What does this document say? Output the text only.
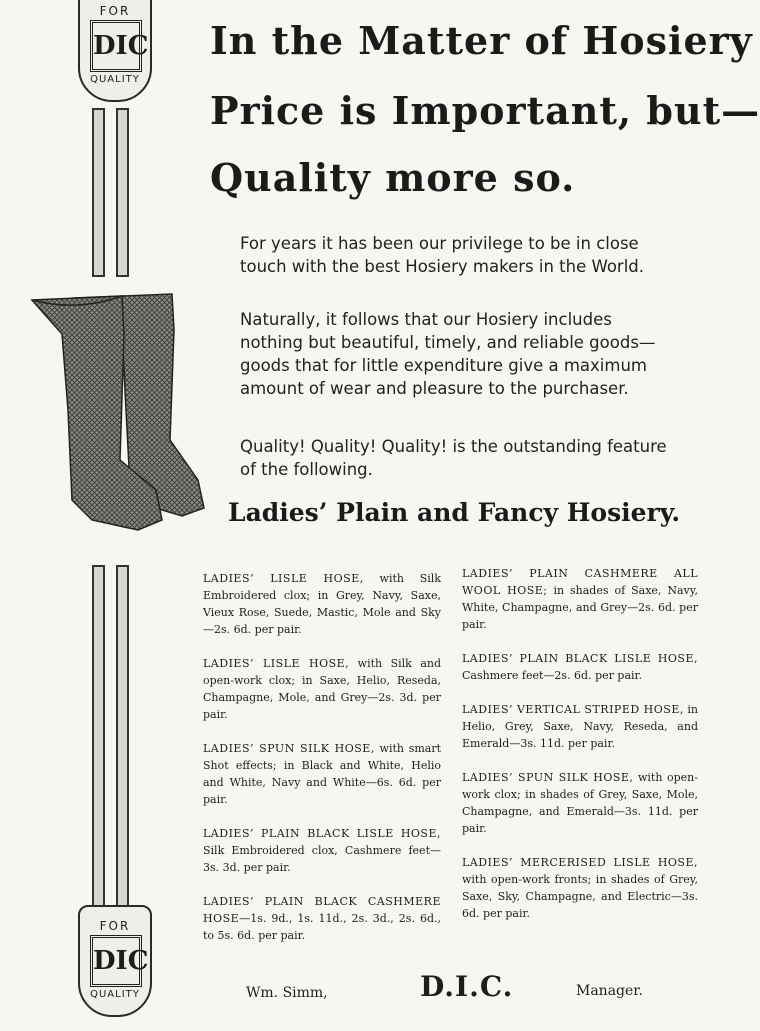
FOR
DIC
QUALITY
FOR
DIC
QUALITY
In the Matter of Hosiery
Price is Important, but—
Quality more so.

For years it has been our privilege to be in close touch with the best Hosiery makers in the World.

Naturally, it follows that our Hosiery includes nothing but beautiful, timely, and reliable goods—goods that for little expenditure give a maximum amount of wear and pleasure to the purchaser.

Quality! Quality! Quality! is the outstanding feature of the following.

Ladies’ Plain and Fancy Hosiery.

LADIES’ LISLE HOSE, with Silk Embroidered clox; in Grey, Navy, Saxe, Vieux Rose, Suede, Mastic, Mole and Sky—2s. 6d. per pair.

LADIES’ LISLE HOSE, with Silk and open-work clox; in Saxe, Helio, Reseda, Champagne, Mole, and Grey—2s. 3d. per pair.

LADIES’ SPUN SILK HOSE, with smart Shot effects; in Black and White, Helio and White, Navy and White—6s. 6d. per pair.

LADIES’ PLAIN BLACK LISLE HOSE, Silk Embroidered clox, Cashmere feet—3s. 3d. per pair.

LADIES’ PLAIN BLACK CASHMERE HOSE—1s. 9d., 1s. 11d., 2s. 3d., 2s. 6d., to 5s. 6d. per pair.

LADIES’ PLAIN CASHMERE ALL WOOL HOSE; in shades of Saxe, Navy, White, Champagne, and Grey—2s. 6d. per pair.

LADIES’ PLAIN BLACK LISLE HOSE, Cashmere feet—2s. 6d. per pair.

LADIES’ VERTICAL STRIPED HOSE, in Helio, Grey, Saxe, Navy, Reseda, and Emerald—3s. 11d. per pair.

LADIES’ SPUN SILK HOSE, with open-work clox; in shades of Grey, Saxe, Mole, Champagne, and Emerald—3s. 11d. per pair.

LADIES’ MERCERISED LISLE HOSE, with open-work fronts; in shades of Grey, Saxe, Sky, Champagne, and Electric—3s. 6d. per pair.

Wm. Simm,	D.I.C.	Manager.
